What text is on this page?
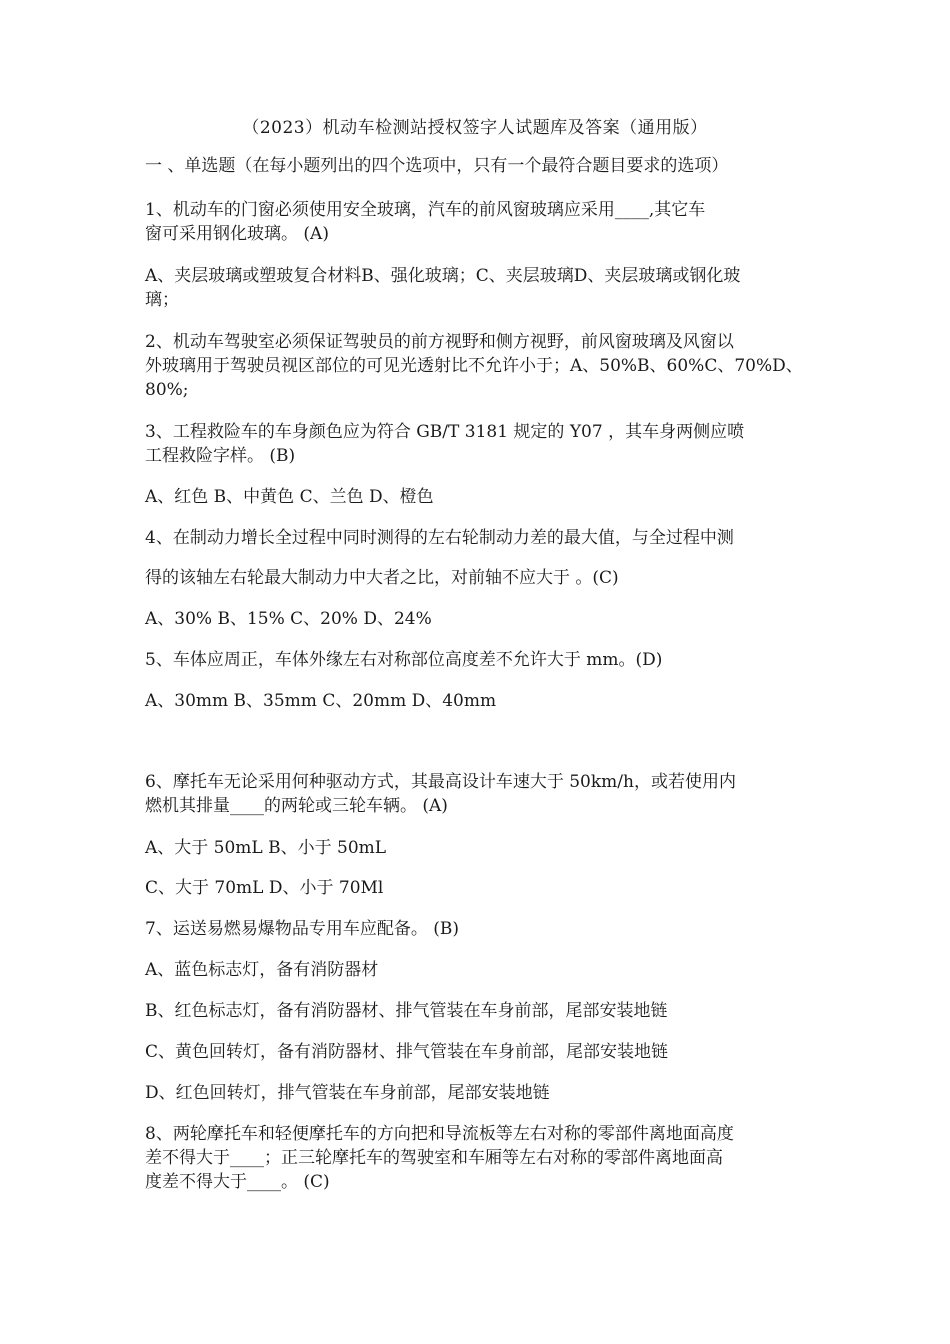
（2023）机动车检测站授权签字人试题库及答案（通用版）
一 、单选题（在每小题列出的四个选项中，只有一个最符合题目要求的选项）
1、机动车的门窗必须使用安全玻璃，汽车的前风窗玻璃应采用____,其它车
窗可采用钢化玻璃。 (A)
A、夹层玻璃或塑玻复合材料B、强化玻璃；C、夹层玻璃D、夹层玻璃或钢化玻
璃；
2、机动车驾驶室必须保证驾驶员的前方视野和侧方视野，前风窗玻璃及风窗以
外玻璃用于驾驶员视区部位的可见光透射比不允许小于；A、50%B、60%C、70%D、
80%;
3、工程救险车的车身颜色应为符合 GB/T 3181 规定的 Y07 ，其车身两侧应喷
工程救险字样。 (B)
A、红色 B、中黄色 C、兰色 D、橙色
4、在制动力增长全过程中同时测得的左右轮制动力差的最大值，与全过程中测
得的该轴左右轮最大制动力中大者之比，对前轴不应大于 。(C)
A、30% B、15% C、20% D、24%
5、车体应周正，车体外缘左右对称部位高度差不允许大于 mm。(D)
A、30mm B、35mm C、20mm D、40mm
6、摩托车无论采用何种驱动方式，其最高设计车速大于 50km/h，或若使用内
燃机其排量____的两轮或三轮车辆。 (A)
A、大于 50mL B、小于 50mL
C、大于 70mL D、小于 70Ml
7、运送易燃易爆物品专用车应配备。 (B)
A、蓝色标志灯，备有消防器材
B、红色标志灯，备有消防器材、排气管装在车身前部，尾部安装地链
C、黄色回转灯，备有消防器材、排气管装在车身前部，尾部安装地链
D、红色回转灯，排气管装在车身前部，尾部安装地链
8、两轮摩托车和轻便摩托车的方向把和导流板等左右对称的零部件离地面高度
差不得大于____；正三轮摩托车的驾驶室和车厢等左右对称的零部件离地面高
度差不得大于____。 (C)
